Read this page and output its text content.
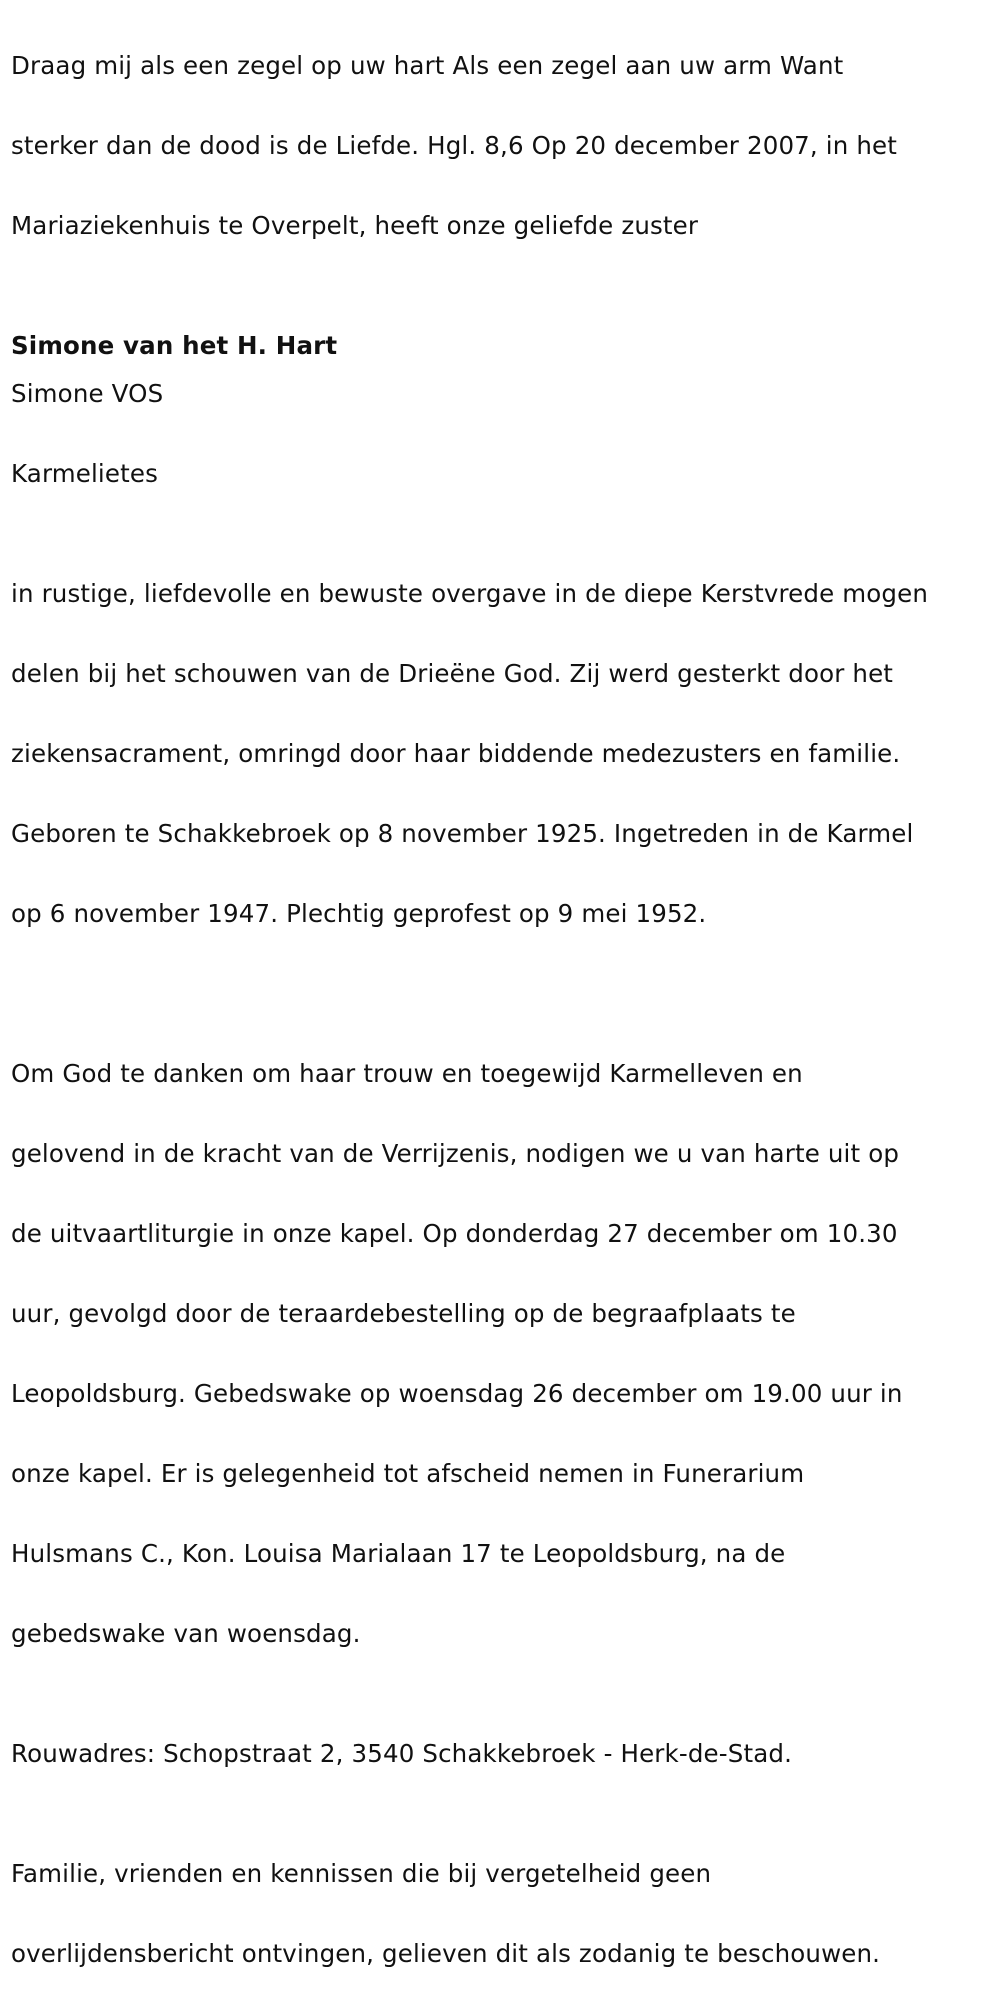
Draag mij als een zegel op uw hart Als een zegel aan uw arm Want

sterker dan de dood is de Liefde. Hgl. 8,6 Op 20 december 2007, in het

Mariaziekenhuis te Overpelt, heeft onze geliefde zuster

Simone van het H. Hart
Simone VOS
Karmelietes

in rustige, liefdevolle en bewuste overgave in de diepe Kerstvrede mogen

delen bij het schouwen van de Drieëne God. Zij werd gesterkt door het

ziekensacrament, omringd door haar biddende medezusters en familie.

Geboren te Schakkebroek op 8 november 1925. Ingetreden in de Karmel

op 6 november 1947. Plechtig geprofest op 9 mei 1952.

Om God te danken om haar trouw en toegewijd Karmelleven en

gelovend in de kracht van de Verrijzenis, nodigen we u van harte uit op

de uitvaartliturgie in onze kapel. Op donderdag 27 december om 10.30

uur, gevolgd door de teraardebestelling op de begraafplaats te

Leopoldsburg. Gebedswake op woensdag 26 december om 19.00 uur in

onze kapel. Er is gelegenheid tot afscheid nemen in Funerarium

Hulsmans C., Kon. Louisa Marialaan 17 te Leopoldsburg, na de

gebedswake van woensdag.

Rouwadres: Schopstraat 2, 3540 Schakkebroek - Herk-de-Stad.

Familie, vrienden en kennissen die bij vergetelheid geen

overlijdensbericht ontvingen, gelieven dit als zodanig te beschouwen.
